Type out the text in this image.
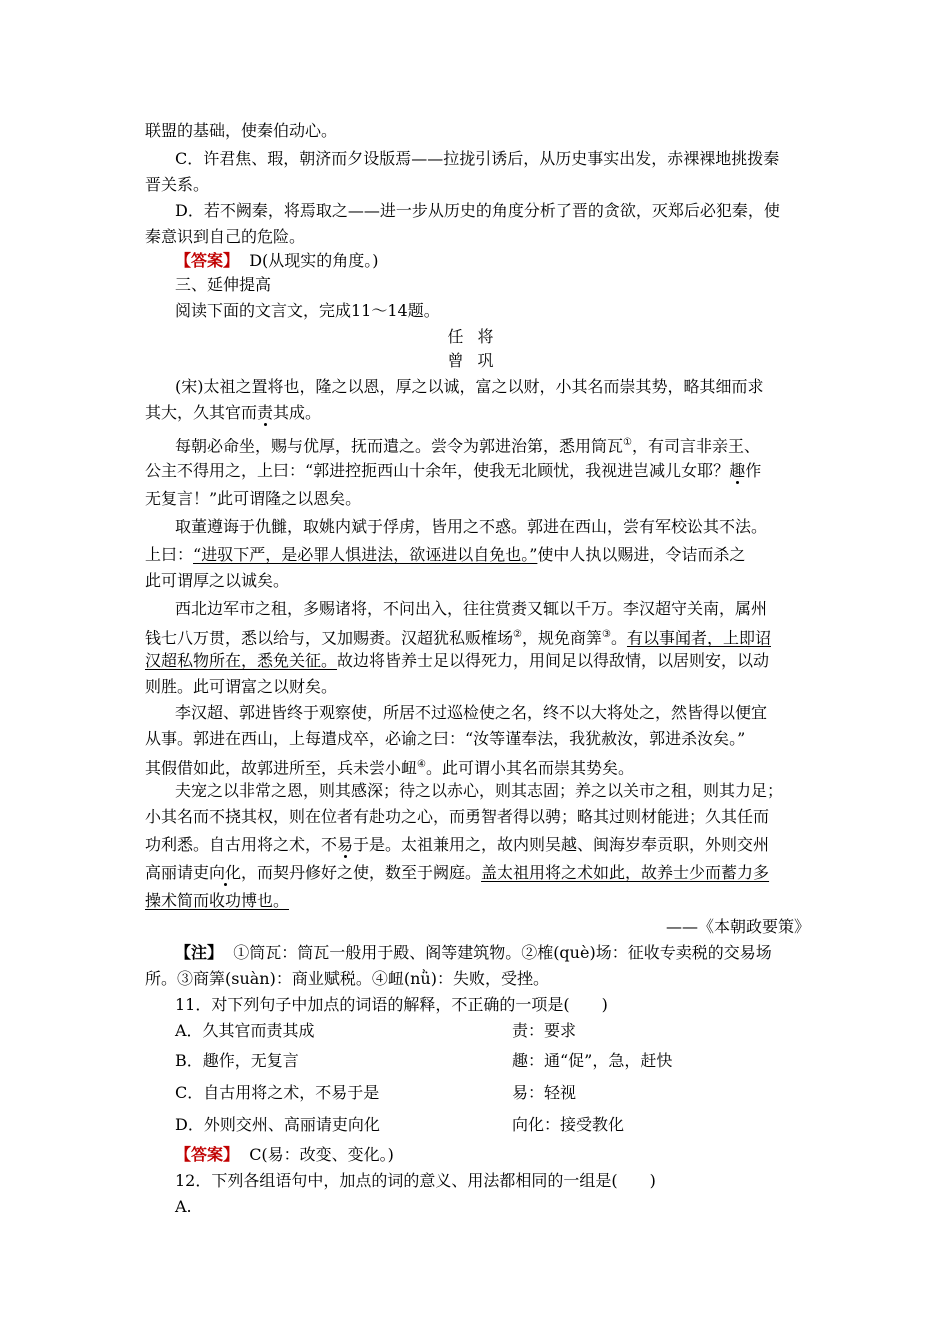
联盟的基础，使秦伯动心。
C．许君焦、瑕，朝济而夕设版焉——拉拢引诱后，从历史事实出发，赤裸裸地挑拨秦
晋关系。
D．若不阙秦，将焉取之——进一步从历史的角度分析了晋的贪欲，灭郑后必犯秦，使
秦意识到自己的危险。
【答案】 D(从现实的角度。)
三、延伸提高
阅读下面的文言文，完成11～14题。
任将
曾巩
(宋)太祖之置将也，隆之以恩，厚之以诚，富之以财，小其名而崇其势，略其细而求
其大，久其官而责其成。
每朝必命坐，赐与优厚，抚而遣之。尝令为郭进治第，悉用筒瓦①，有司言非亲王、
公主不得用之，上曰：“郭进控扼西山十余年，使我无北顾忧，我视进岂减儿女耶？趣作
无复言！”此可谓隆之以恩矣。
取董遵诲于仇雠，取姚内斌于俘虏，皆用之不惑。郭进在西山，尝有军校讼其不法。
上曰：“进驭下严，是必罪人惧进法，欲诬进以自免也。”使中人执以赐进，令诘而杀之
此可谓厚之以诚矣。
西北边军市之租，多赐诸将，不问出入，往往赏赉又辄以千万。李汉超守关南，属州
钱七八万贯，悉以给与，又加赐赉。汉超犹私贩榷场②，规免商筭③。有以事闻者，上即诏
汉超私物所在，悉免关征。故边将皆养士足以得死力，用间足以得敌情，以居则安，以动
则胜。此可谓富之以财矣。
李汉超、郭进皆终于观察使，所居不过巡检使之名，终不以大将处之，然皆得以便宜
从事。郭进在西山，上每遣戍卒，必谕之曰：“汝等谨奉法，我犹赦汝，郭进杀汝矣。”
其假借如此，故郭进所至，兵未尝小衄④。此可谓小其名而崇其势矣。
夫宠之以非常之恩，则其感深；待之以赤心，则其志固；养之以关市之租，则其力足；
小其名而不挠其权，则在位者有赴功之心，而勇智者得以骋；略其过则材能进；久其任而
功利悉。自古用将之术，不易于是。太祖兼用之，故内则吴越、闽海岁奉贡职，外则交州
高丽请吏向化，而契丹修好之使，数至于阙庭。盖太祖用将之术如此，故养士少而蓄力多
操术简而收功博也。
——《本朝政要策》
【注】 ①筒瓦：筒瓦一般用于殿、阁等建筑物。②榷(què)场：征收专卖税的交易场
所。③商筭(suàn)：商业赋税。④衄(nǜ)：失败，受挫。
11．对下列句子中加点的词语的解释，不正确的一项是(　　)
A．久其官而责其成	责：要求
B．趣作，无复言	趣：通“促”，急，赶快
C．自古用将之术，不易于是	易：轻视
D．外则交州、高丽请吏向化	向化：接受教化
【答案】 C(易：改变、变化。)
12．下列各组语句中，加点的词的意义、用法都相同的一组是(　　)
A.
